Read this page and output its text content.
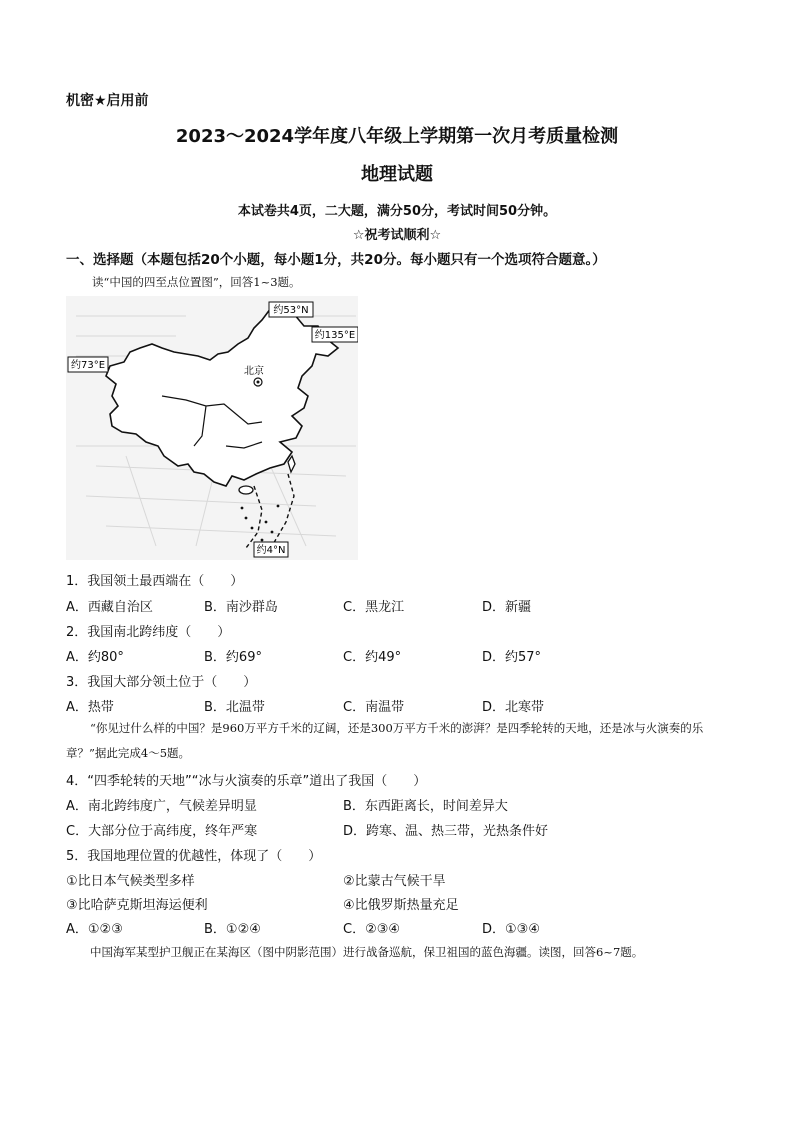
机密★启用前
2023～2024学年度八年级上学期第一次月考质量检测
地理试题
本试卷共4页，二大题，满分50分，考试时间50分钟。
☆祝考试顺利☆
一、选择题（本题包括20个小题，每小题1分，共20分。每小题只有一个选项符合题意。）
读“中国的四至点位置图”，回答1~3题。
约53°N
约135°E
约73°E
约4°N
北京
1．我国领土最西端在（　　）
A．西藏自治区	B．南沙群岛	C．黑龙江	D．新疆
2．我国南北跨纬度（　　）
A．约80°	B．约69°	C．约49°	D．约57°
3．我国大部分领土位于（　　）
A．热带	B．北温带	C．南温带	D．北寒带
“你见过什么样的中国？是960万平方千米的辽阔，还是300万平方千米的澎湃？是四季轮转的天地，还是冰与火演奏的乐章？”据此完成4～5题。
4．“四季轮转的天地”“冰与火演奏的乐章”道出了我国（　　）
A．南北跨纬度广，气候差异明显	B．东西距离长，时间差异大
C．大部分位于高纬度，终年严寒	D．跨寒、温、热三带，光热条件好
5．我国地理位置的优越性，体现了（　　）
①比日本气候类型多样	②比蒙古气候干旱
③比哈萨克斯坦海运便利	④比俄罗斯热量充足
A．①②③	B．①②④	C．②③④	D．①③④
中国海军某型护卫舰正在某海区（图中阴影范围）进行战备巡航，保卫祖国的蓝色海疆。读图，回答6~7题。
